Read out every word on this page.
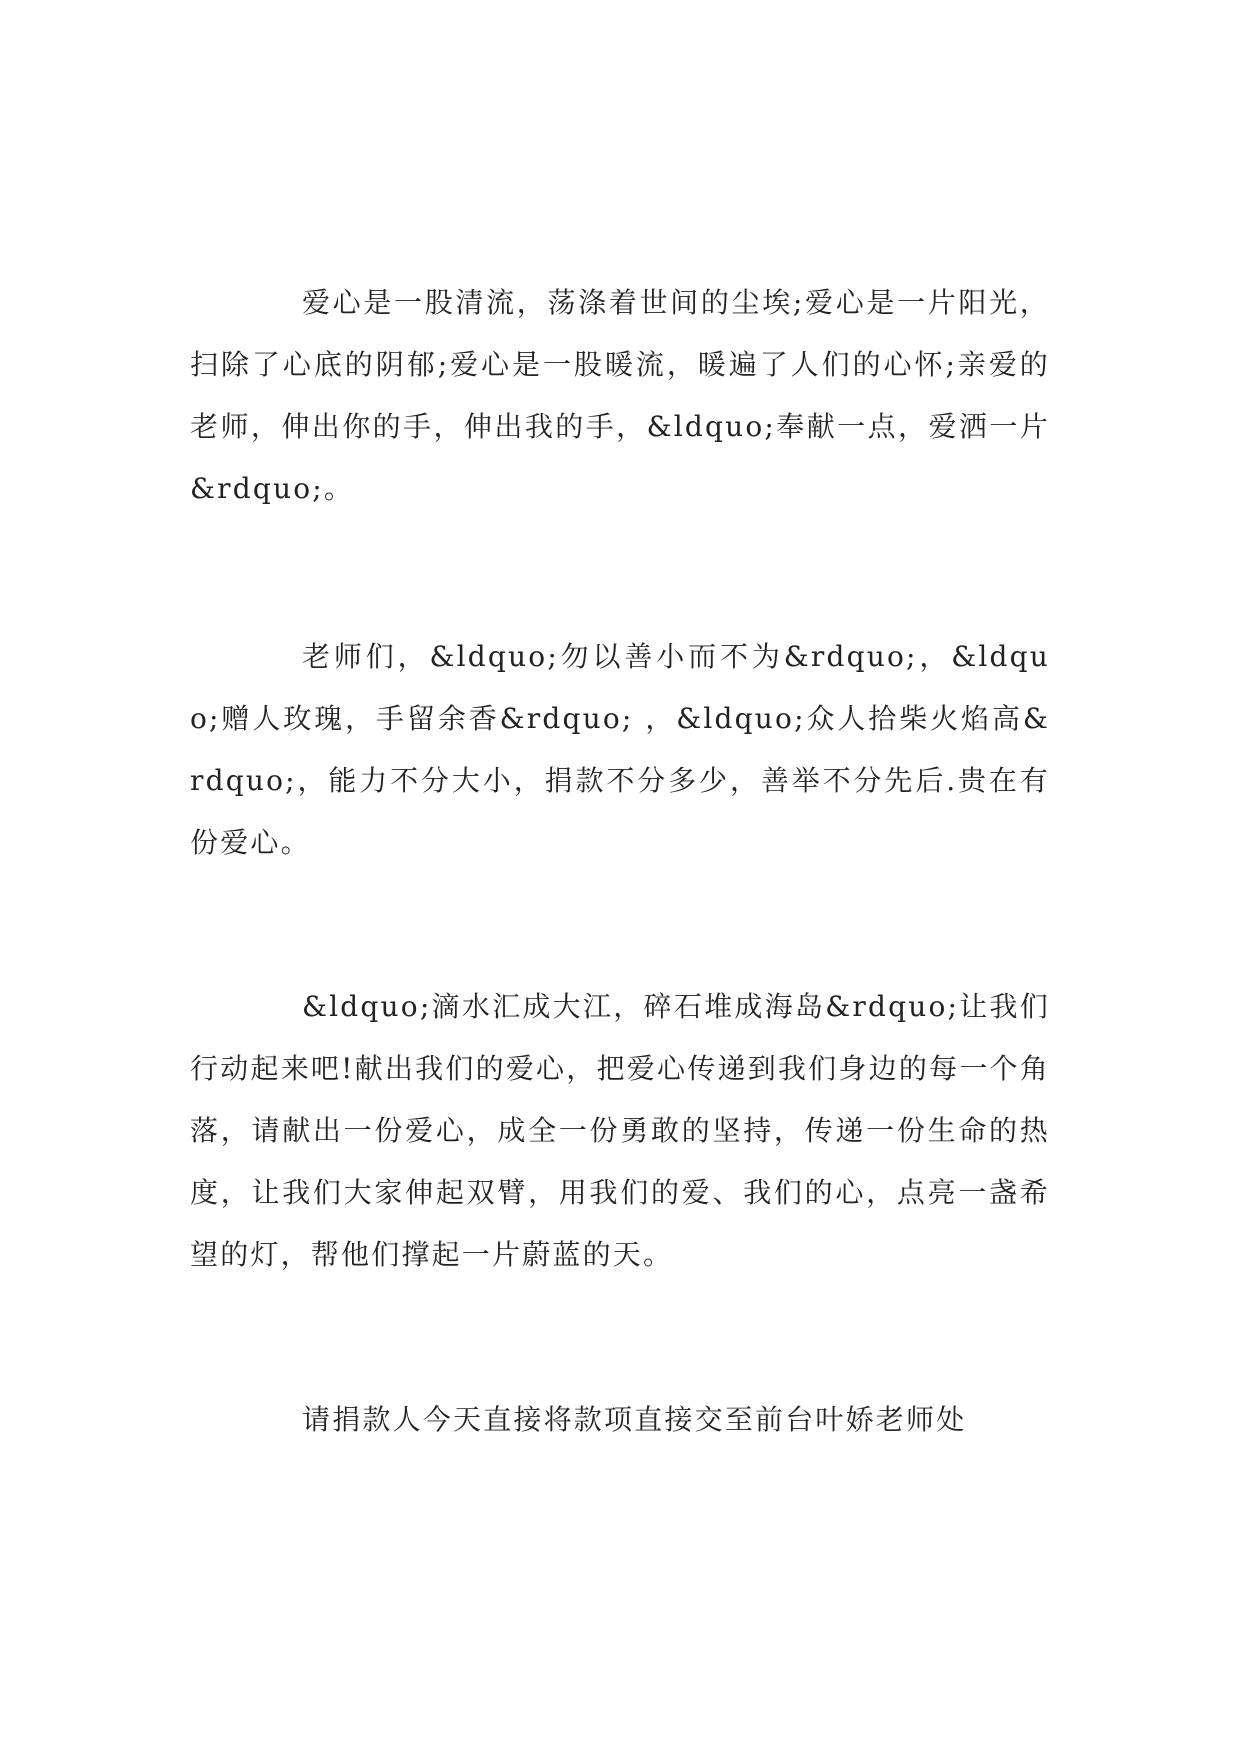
爱心是一股清流，荡涤着世间的尘埃;爱心是一片阳光，扫除了心底的阴郁;爱心是一股暖流，暖遍了人们的心怀;亲爱的老师，伸出你的手，伸出我的手，&ldquo;奉献一点，爱洒一片&rdquo;。

老师们，&ldquo;勿以善小而不为&rdquo;，&ldquo;赠人玫瑰，手留余香&rdquo; ，&ldquo;众人拾柴火焰高&rdquo;，能力不分大小，捐款不分多少，善举不分先后.贵在有份爱心。

&ldquo;滴水汇成大江，碎石堆成海岛&rdquo;让我们行动起来吧!献出我们的爱心，把爱心传递到我们身边的每一个角落，请献出一份爱心，成全一份勇敢的坚持，传递一份生命的热度，让我们大家伸起双臂，用我们的爱、我们的心，点亮一盏希望的灯，帮他们撑起一片蔚蓝的天。

请捐款人今天直接将款项直接交至前台叶娇老师处
